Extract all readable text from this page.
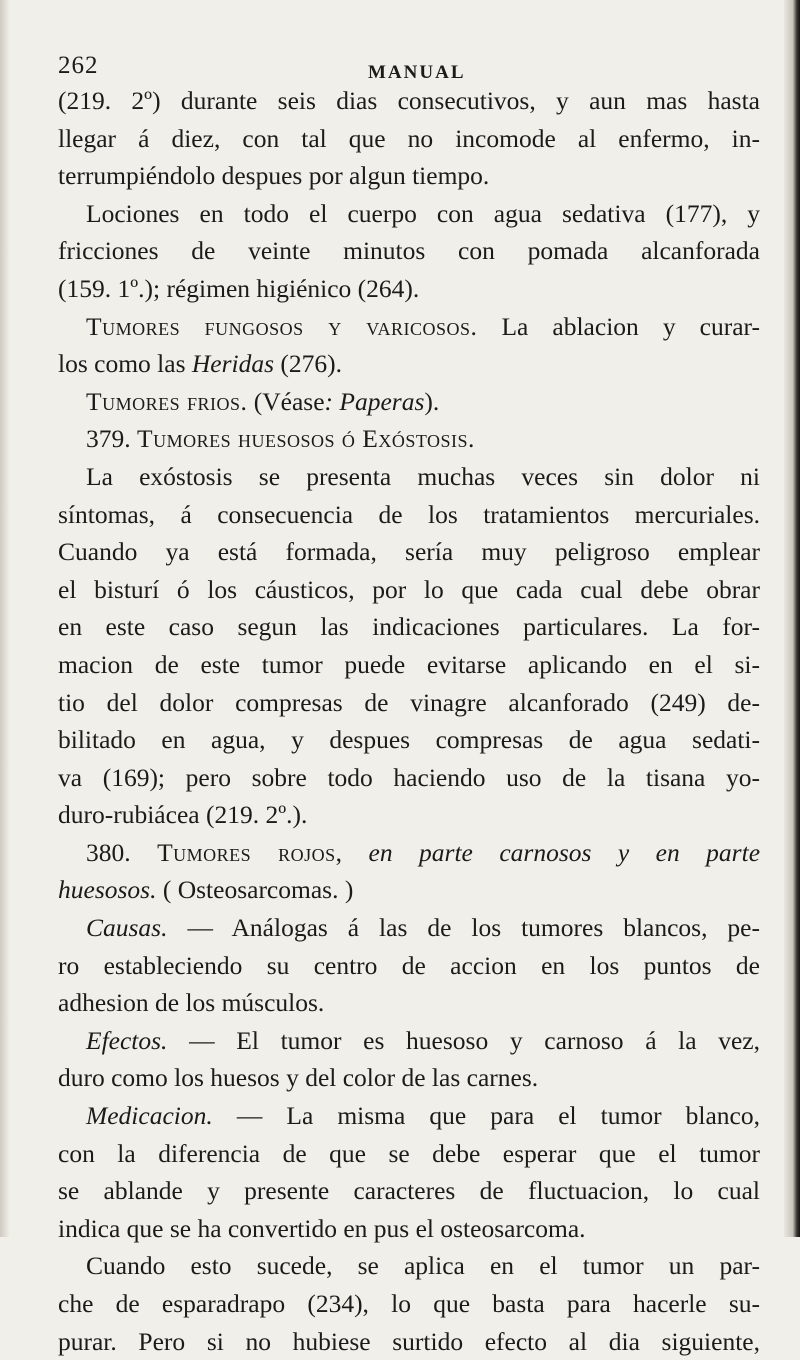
262	MANUAL
(219. 2º) durante seis dias consecutivos, y aun mas hasta
llegar á diez, con tal que no incomode al enfermo, in-
terrumpiéndolo despues por algun tiempo.
Lociones en todo el cuerpo con agua sedativa (177), y
fricciones de veinte minutos con pomada alcanforada
(159. 1º.); régimen higiénico (264).
Tumores fungosos y varicosos. La ablacion y curar-
los como las Heridas (276).
Tumores frios. (Véase: Paperas).
379. Tumores huesosos ó Exóstosis.
La exóstosis se presenta muchas veces sin dolor ni
síntomas, á consecuencia de los tratamientos mercuriales.
Cuando ya está formada, sería muy peligroso emplear
el bisturí ó los cáusticos, por lo que cada cual debe obrar
en este caso segun las indicaciones particulares. La for-
macion de este tumor puede evitarse aplicando en el si-
tio del dolor compresas de vinagre alcanforado (249) de-
bilitado en agua, y despues compresas de agua sedati-
va (169); pero sobre todo haciendo uso de la tisana yo-
duro-rubiácea (219. 2º.).
380. Tumores rojos, en parte carnosos y en parte
huesosos. ( Osteosarcomas. )
Causas. — Análogas á las de los tumores blancos, pe-
ro estableciendo su centro de accion en los puntos de
adhesion de los músculos.
Efectos. — El tumor es huesoso y carnoso á la vez,
duro como los huesos y del color de las carnes.
Medicacion. — La misma que para el tumor blanco,
con la diferencia de que se debe esperar que el tumor
se ablande y presente caracteres de fluctuacion, lo cual
indica que se ha convertido en pus el osteosarcoma.
Cuando esto sucede, se aplica en el tumor un par-
che de esparadrapo (234), lo que basta para hacerle su-
purar. Pero si no hubiese surtido efecto al dia siguiente,
